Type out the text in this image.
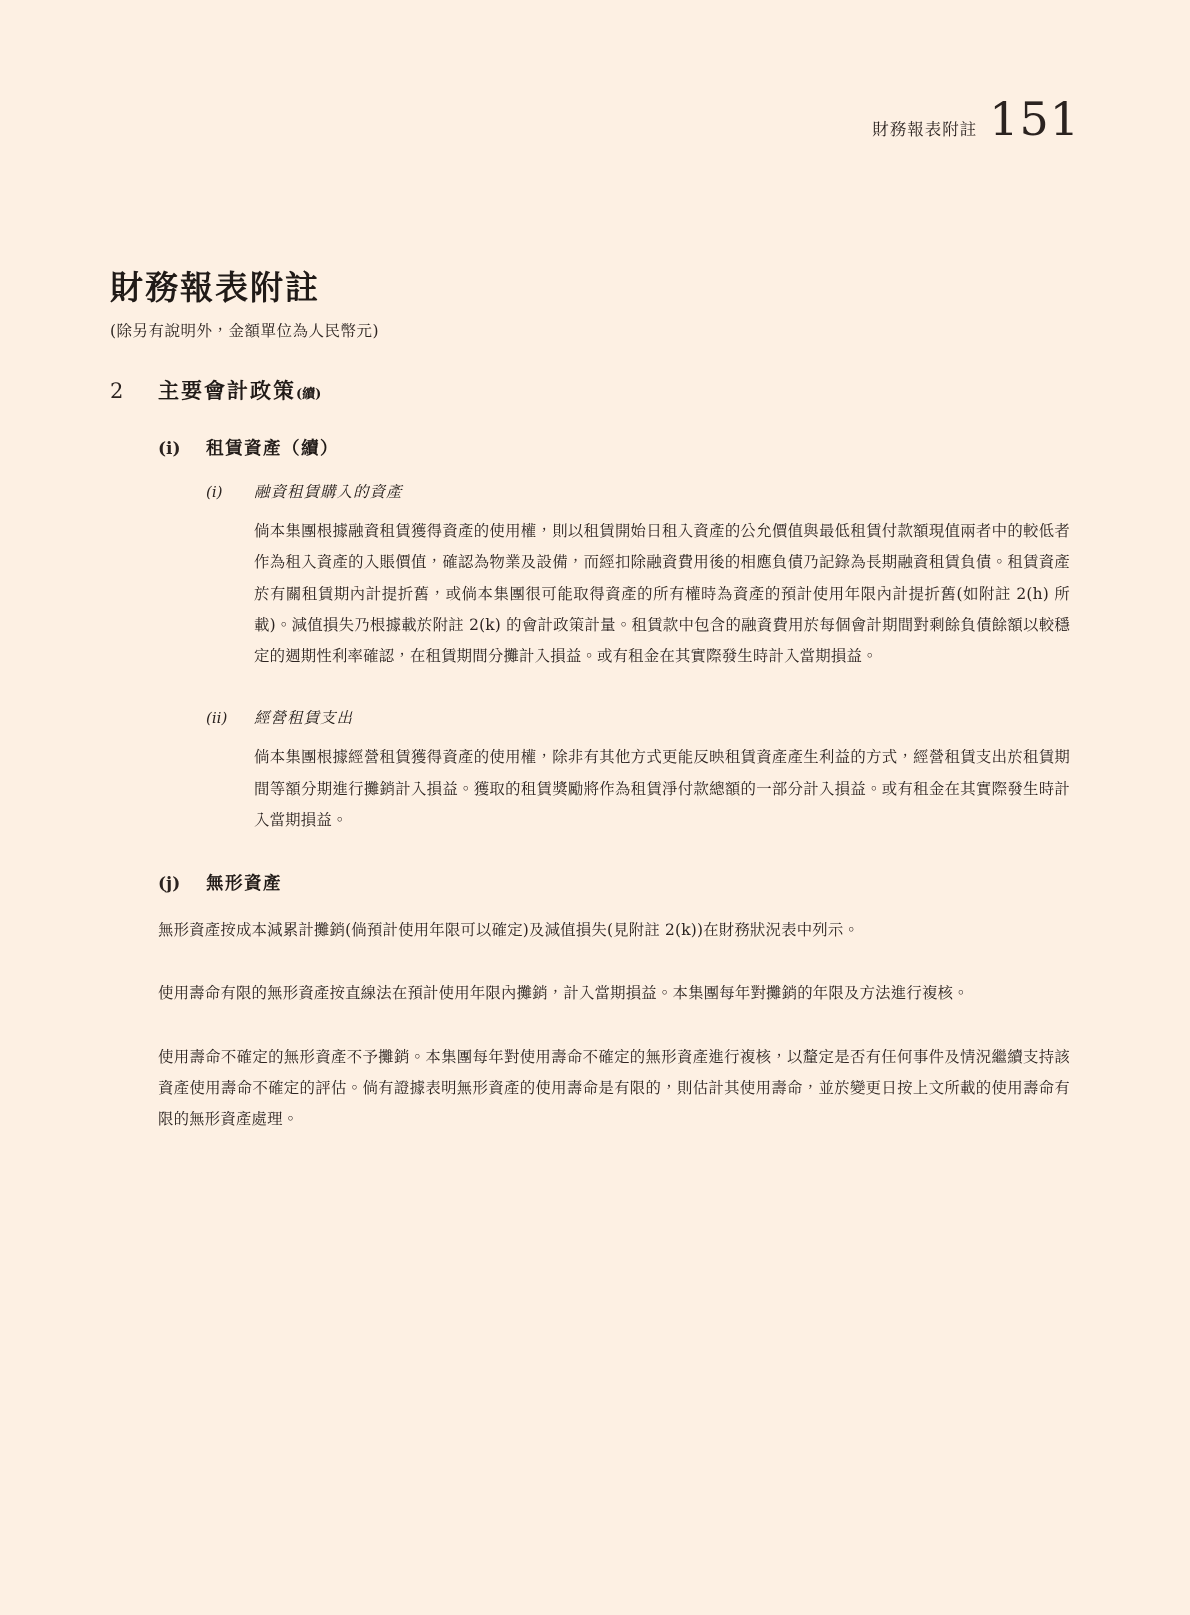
財務報表附註 151
財務報表附註

(除另有說明外，金額單位為人民幣元)

2	主要會計政策(續)
(i)	租賃資產（續）
(i)	融資租賃購入的資產

倘本集團根據融資租賃獲得資產的使用權，則以租賃開始日租入資產的公允價值與最低租賃付款額現值兩者中的較低者作為租入資產的入賬價值，確認為物業及設備，而經扣除融資費用後的相應負債乃記錄為長期融資租賃負債。租賃資產於有關租賃期內計提折舊，或倘本集團很可能取得資產的所有權時為資產的預計使用年限內計提折舊(如附註 2(h) 所載)。減值損失乃根據載於附註 2(k) 的會計政策計量。租賃款中包含的融資費用於每個會計期間對剩餘負債餘額以較穩定的週期性利率確認，在租賃期間分攤計入損益。或有租金在其實際發生時計入當期損益。

(ii)	經營租賃支出

倘本集團根據經營租賃獲得資產的使用權，除非有其他方式更能反映租賃資產產生利益的方式，經營租賃支出於租賃期間等額分期進行攤銷計入損益。獲取的租賃獎勵將作為租賃淨付款總額的一部分計入損益。或有租金在其實際發生時計入當期損益。

(j)	無形資產

無形資產按成本減累計攤銷(倘預計使用年限可以確定)及減值損失(見附註 2(k))在財務狀況表中列示。

使用壽命有限的無形資產按直線法在預計使用年限內攤銷，計入當期損益。本集團每年對攤銷的年限及方法進行複核。

使用壽命不確定的無形資產不予攤銷。本集團每年對使用壽命不確定的無形資產進行複核，以釐定是否有任何事件及情況繼續支持該資產使用壽命不確定的評估。倘有證據表明無形資產的使用壽命是有限的，則估計其使用壽命，並於變更日按上文所載的使用壽命有限的無形資產處理。
